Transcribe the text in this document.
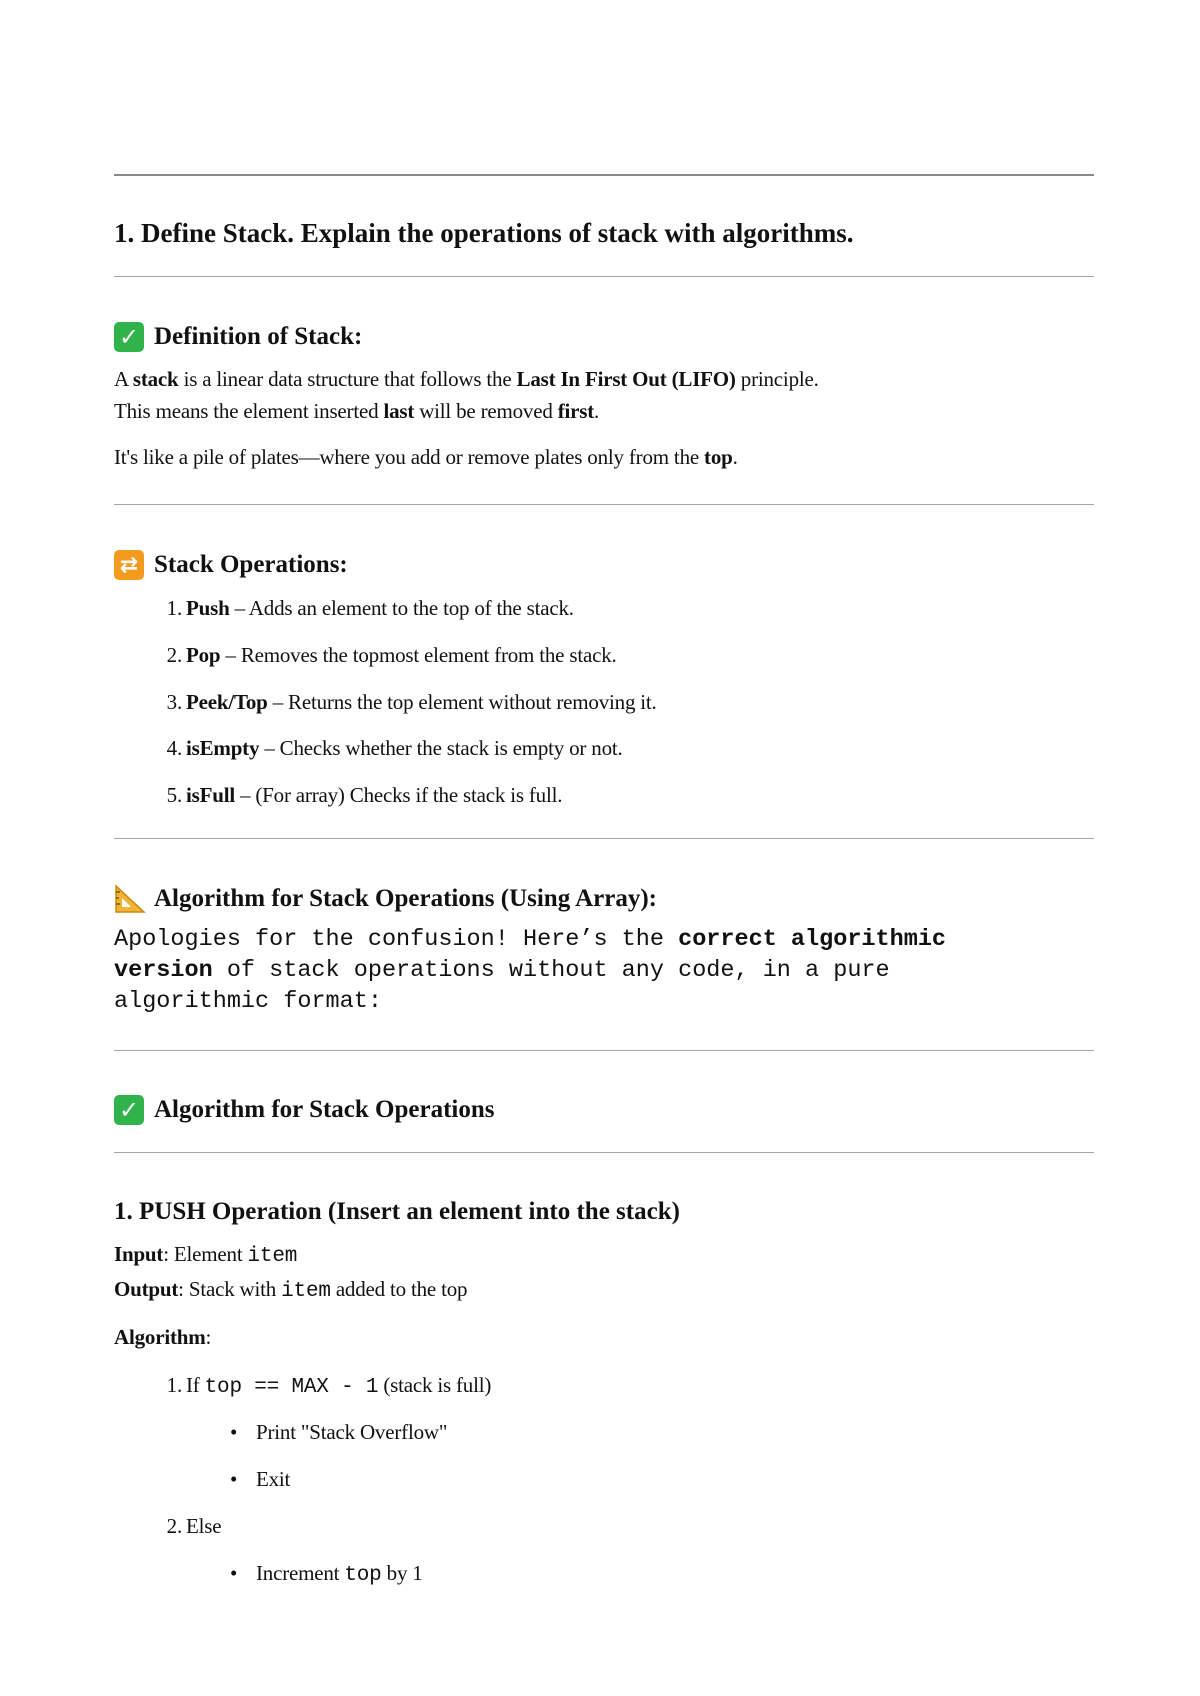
1. Define Stack. Explain the operations of stack with algorithms.
✓ Definition of Stack:
A stack is a linear data structure that follows the Last In First Out (LIFO) principle.
This means the element inserted last will be removed first.
It's like a pile of plates—where you add or remove plates only from the top.
⇄ Stack Operations:
1. Push – Adds an element to the top of the stack.
2. Pop – Removes the topmost element from the stack.
3. Peek/Top – Returns the top element without removing it.
4. isEmpty – Checks whether the stack is empty or not.
5. isFull – (For array) Checks if the stack is full.
Algorithm for Stack Operations (Using Array):
Apologies for the confusion! Here’s the correct algorithmic version of stack operations without any code, in a pure algorithmic format:
✓ Algorithm for Stack Operations
1. PUSH Operation (Insert an element into the stack)
Input: Element item
Output: Stack with item added to the top
Algorithm:
1. If top == MAX - 1 (stack is full)
• Print "Stack Overflow"
• Exit
2. Else
• Increment top by 1
